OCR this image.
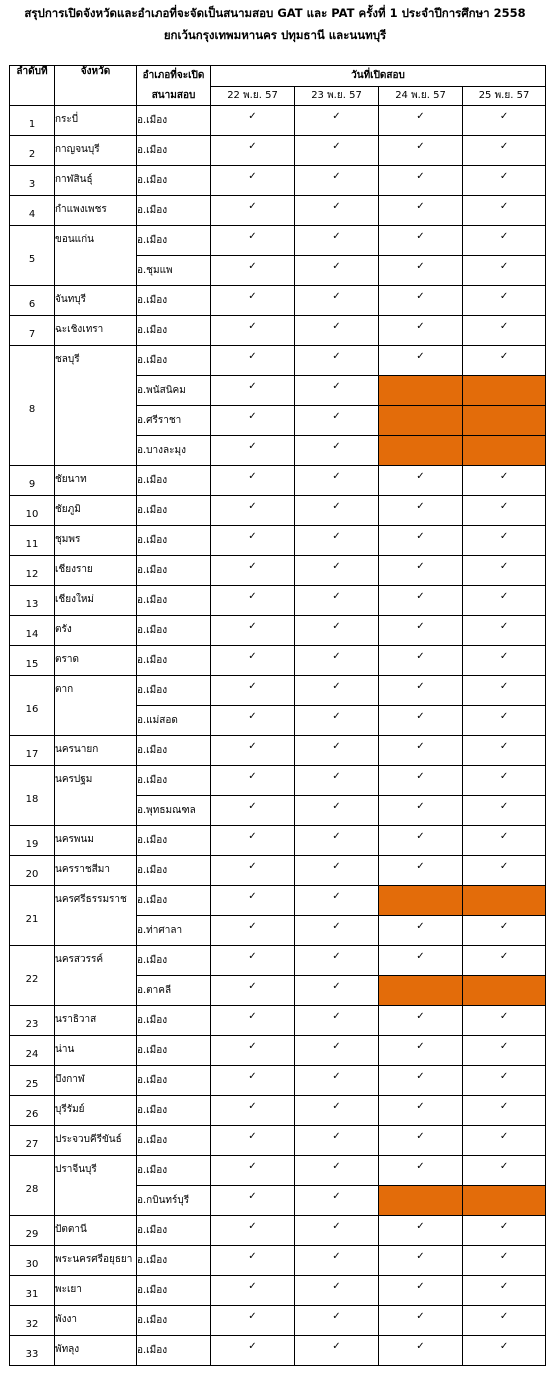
สรุปการเปิดจังหวัดและอำเภอที่จะจัดเป็นสนามสอบ GAT และ PAT ครั้งที่ 1 ประจำปีการศึกษา 2558
ยกเว้นกรุงเทพมหานคร ปทุมธานี และนนทบุรี
ลำดับที่	จังหวัด	อำเภอที่จะเปิด	วันที่เปิดสอบ			
		สนามสอบ	22 พ.ย. 57	23 พ.ย. 57	24 พ.ย. 57	25 พ.ย. 57

1	กระบี่	อ.เมือง	✓	✓	✓	✓

2	กาญจนบุรี	อ.เมือง	✓	✓	✓	✓

3	กาฬสินธุ์	อ.เมือง	✓	✓	✓	✓

4	กำแพงเพชร	อ.เมือง	✓	✓	✓	✓

5	ขอนแก่น	อ.เมือง	✓	✓	✓	✓

		อ.ชุมแพ	✓	✓	✓	✓

6	จันทบุรี	อ.เมือง	✓	✓	✓	✓

7	ฉะเชิงเทรา	อ.เมือง	✓	✓	✓	✓

8	ชลบุรี	อ.เมือง	✓	✓	✓	✓

		อ.พนัสนิคม	✓	✓		

		อ.ศรีราชา	✓	✓		

		อ.บางละมุง	✓	✓		

9	ชัยนาท	อ.เมือง	✓	✓	✓	✓

10	ชัยภูมิ	อ.เมือง	✓	✓	✓	✓

11	ชุมพร	อ.เมือง	✓	✓	✓	✓

12	เชียงราย	อ.เมือง	✓	✓	✓	✓

13	เชียงใหม่	อ.เมือง	✓	✓	✓	✓

14	ตรัง	อ.เมือง	✓	✓	✓	✓

15	ตราด	อ.เมือง	✓	✓	✓	✓

16	ตาก	อ.เมือง	✓	✓	✓	✓

		อ.แม่สอด	✓	✓	✓	✓

17	นครนายก	อ.เมือง	✓	✓	✓	✓

18	นครปฐม	อ.เมือง	✓	✓	✓	✓

		อ.พุทธมณฑล	✓	✓	✓	✓

19	นครพนม	อ.เมือง	✓	✓	✓	✓

20	นครราชสีมา	อ.เมือง	✓	✓	✓	✓

21	นครศรีธรรมราช	อ.เมือง	✓	✓		

		อ.ท่าศาลา	✓	✓	✓	✓

22	นครสวรรค์	อ.เมือง	✓	✓	✓	✓

		อ.ตาคลี	✓	✓		

23	นราธิวาส	อ.เมือง	✓	✓	✓	✓

24	น่าน	อ.เมือง	✓	✓	✓	✓

25	บึงกาฬ	อ.เมือง	✓	✓	✓	✓

26	บุรีรัมย์	อ.เมือง	✓	✓	✓	✓

27	ประจวบคีรีขันธ์	อ.เมือง	✓	✓	✓	✓

28	ปราจีนบุรี	อ.เมือง	✓	✓	✓	✓

		อ.กบินทร์บุรี	✓	✓		

29	ปัตตานี	อ.เมือง	✓	✓	✓	✓

30	พระนครศรีอยุธยา	อ.เมือง	✓	✓	✓	✓

31	พะเยา	อ.เมือง	✓	✓	✓	✓

32	พังงา	อ.เมือง	✓	✓	✓	✓

33	พัทลุง	อ.เมือง	✓	✓	✓	✓
